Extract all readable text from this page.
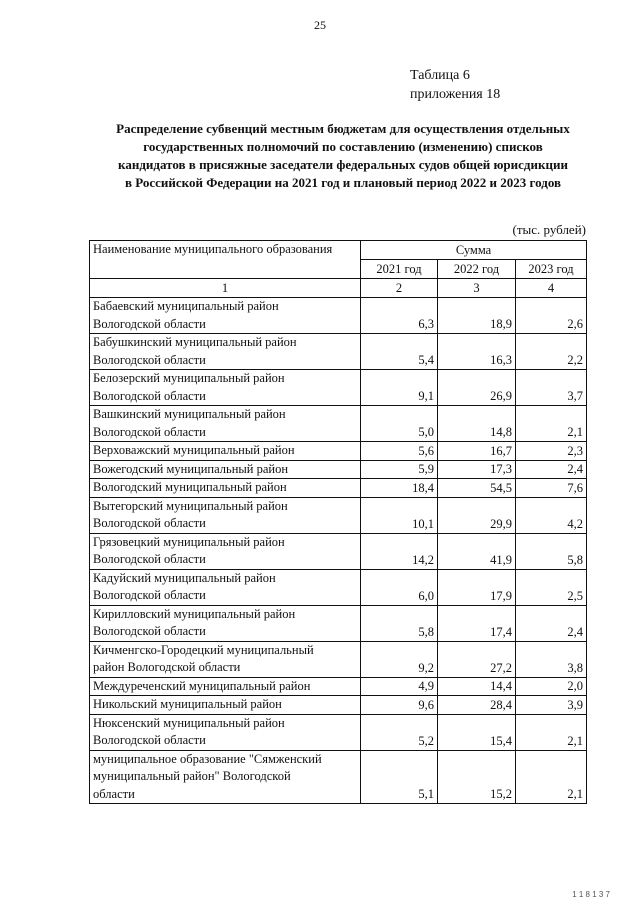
25
Таблица 6
приложения 18
Распределение субвенций местным бюджетам для осуществления отдельных
государственных полномочий по составлению (изменению) списков
кандидатов в присяжные заседатели федеральных судов общей юрисдикции
в Российской Федерации на 2021 год и плановый период 2022 и 2023 годов
(тыс. рублей)
Наименование муниципального образования	Сумма		
	2021 год	2022 год	2023 год
1	2	3	4

Бабаевский муниципальный район
Вологодской области	6,3	18,9	2,6

Бабушкинский муниципальный район
Вологодской области	5,4	16,3	2,2

Белозерский муниципальный район
Вологодской области	9,1	26,9	3,7

Вашкинский муниципальный район
Вологодской области	5,0	14,8	2,1

Верховажский муниципальный район	5,6	16,7	2,3

Вожегодский муниципальный район	5,9	17,3	2,4

Вологодский муниципальный район	18,4	54,5	7,6

Вытегорский муниципальный район
Вологодской области	10,1	29,9	4,2

Грязовецкий муниципальный район
Вологодской области	14,2	41,9	5,8

Кадуйский муниципальный район
Вологодской области	6,0	17,9	2,5

Кирилловский муниципальный район
Вологодской области	5,8	17,4	2,4

Кичменгско-Городецкий муниципальный
район Вологодской области	9,2	27,2	3,8

Междуреченский муниципальный район	4,9	14,4	2,0

Никольский муниципальный район	9,6	28,4	3,9

Нюксенский муниципальный район
Вологодской области	5,2	15,4	2,1

муниципальное образование "Сямженский
муниципальный район" Вологодской
области	5,1	15,2	2,1
1 1 8 1 3 7
